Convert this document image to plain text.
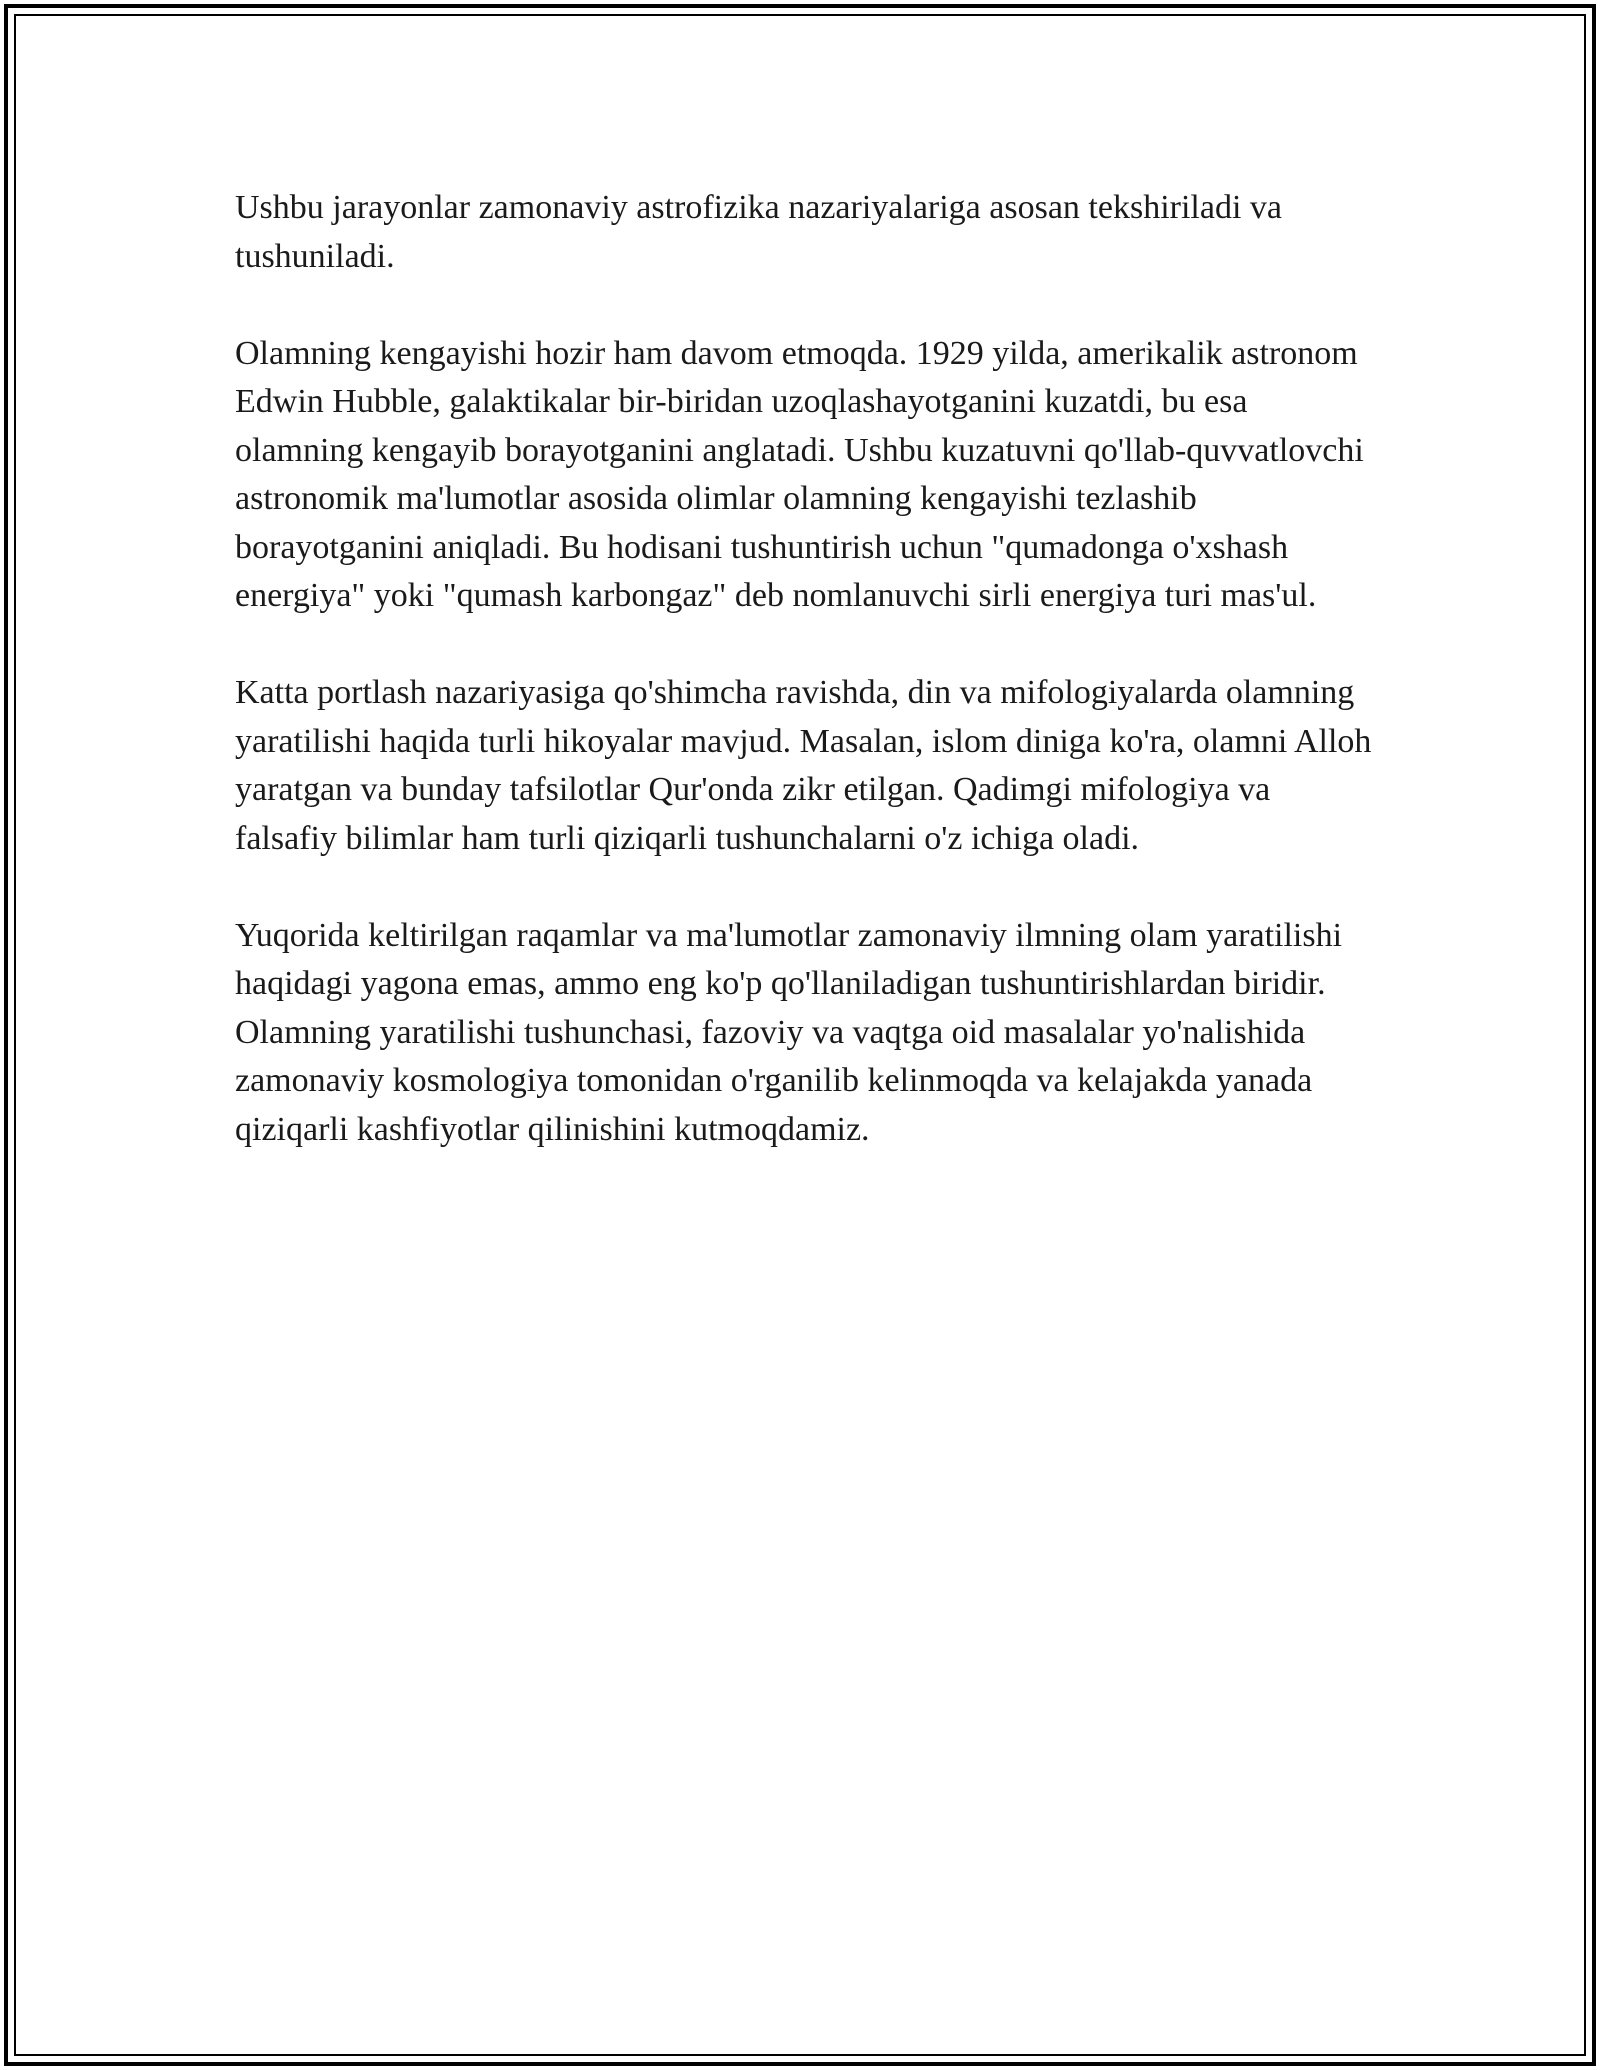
Ushbu jarayonlar zamonaviy astrofizika nazariyalariga asosan tekshiriladi va tushuniladi.

Olamning kengayishi hozir ham davom etmoqda. 1929 yilda, amerikalik astronom Edwin Hubble, galaktikalar bir-biridan uzoqlashayotganini kuzatdi, bu esa olamning kengayib borayotganini anglatadi. Ushbu kuzatuvni qo'llab-quvvatlovchi astronomik ma'lumotlar asosida olimlar olamning kengayishi tezlashib borayotganini aniqladi. Bu hodisani tushuntirish uchun "qumadonga o'xshash energiya" yoki "qumash karbongaz" deb nomlanuvchi sirli energiya turi mas'ul.

Katta portlash nazariyasiga qo'shimcha ravishda, din va mifologiyalarda olamning yaratilishi haqida turli hikoyalar mavjud. Masalan, islom diniga ko'ra, olamni Alloh yaratgan va bunday tafsilotlar Qur'onda zikr etilgan. Qadimgi mifologiya va falsafiy bilimlar ham turli qiziqarli tushunchalarni o'z ichiga oladi.

Yuqorida keltirilgan raqamlar va ma'lumotlar zamonaviy ilmning olam yaratilishi haqidagi yagona emas, ammo eng ko'p qo'llaniladigan tushuntirishlardan biridir. Olamning yaratilishi tushunchasi, fazoviy va vaqtga oid masalalar yo'nalishida zamonaviy kosmologiya tomonidan o'rganilib kelinmoqda va kelajakda yanada qiziqarli kashfiyotlar qilinishini kutmoqdamiz.
